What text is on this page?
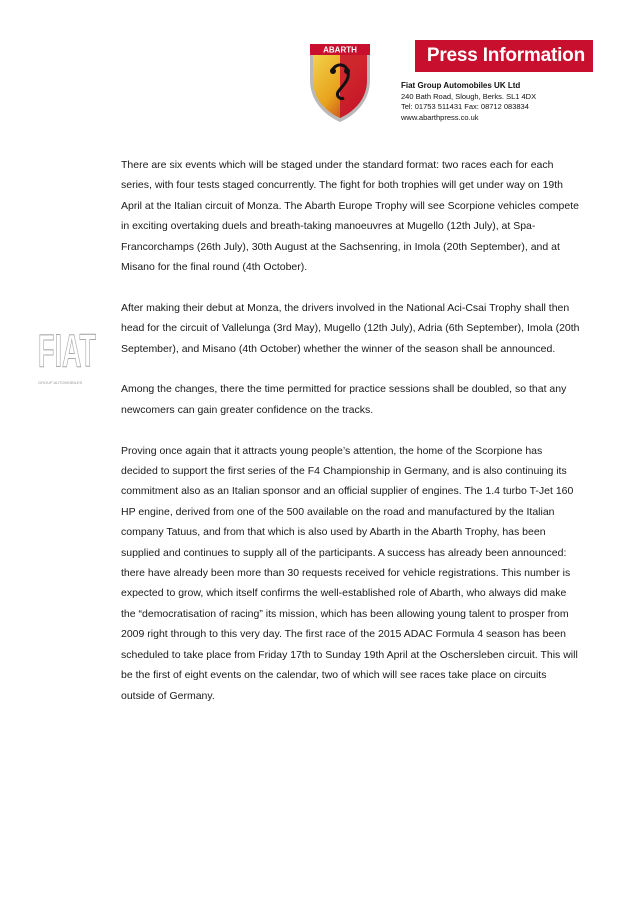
ABARTH	Press Information
Fiat Group Automobiles UK Ltd
240 Bath Road, Slough, Berks. SL1 4DX
Tel: 01753 511431 Fax: 08712 083834
www.abarthpress.co.uk
FIAT
GROUP AUTOMOBILES

There are six events which will be staged under the standard format: two races each for each series, with four tests staged concurrently. The fight for both trophies will get under way on 19th April at the Italian circuit of Monza. The Abarth Europe Trophy will see Scorpione vehicles compete in exciting overtaking duels and breath-taking manoeuvres at Mugello (12th July), at Spa-Francorchamps (26th July), 30th August at the Sachsenring, in Imola (20th September), and at Misano for the final round (4th October).

After making their debut at Monza, the drivers involved in the National Aci-Csai Trophy shall then head for the circuit of Vallelunga (3rd May), Mugello (12th July), Adria (6th September), Imola (20th September), and Misano (4th October) whether the winner of the season shall be announced.

Among the changes, there the time permitted for practice sessions shall be doubled, so that any newcomers can gain greater confidence on the tracks.

Proving once again that it attracts young people’s attention, the home of the Scorpione has decided to support the first series of the F4 Championship in Germany, and is also continuing its commitment also as an Italian sponsor and an official supplier of engines. The 1.4 turbo T-Jet 160 HP engine, derived from one of the 500 available on the road and manufactured by the Italian company Tatuus, and from that which is also used by Abarth in the Abarth Trophy, has been supplied and continues to supply all of the participants. A success has already been announced: there have already been more than 30 requests received for vehicle registrations. This number is expected to grow, which itself confirms the well-established role of Abarth, who always did make the “democratisation of racing” its mission, which has been allowing young talent to prosper from 2009 right through to this very day. The first race of the 2015 ADAC Formula 4 season has been scheduled to take place from Friday 17th to Sunday 19th April at the Oschersleben circuit. This will be the first of eight events on the calendar, two of which will see races take place on circuits outside of Germany.
